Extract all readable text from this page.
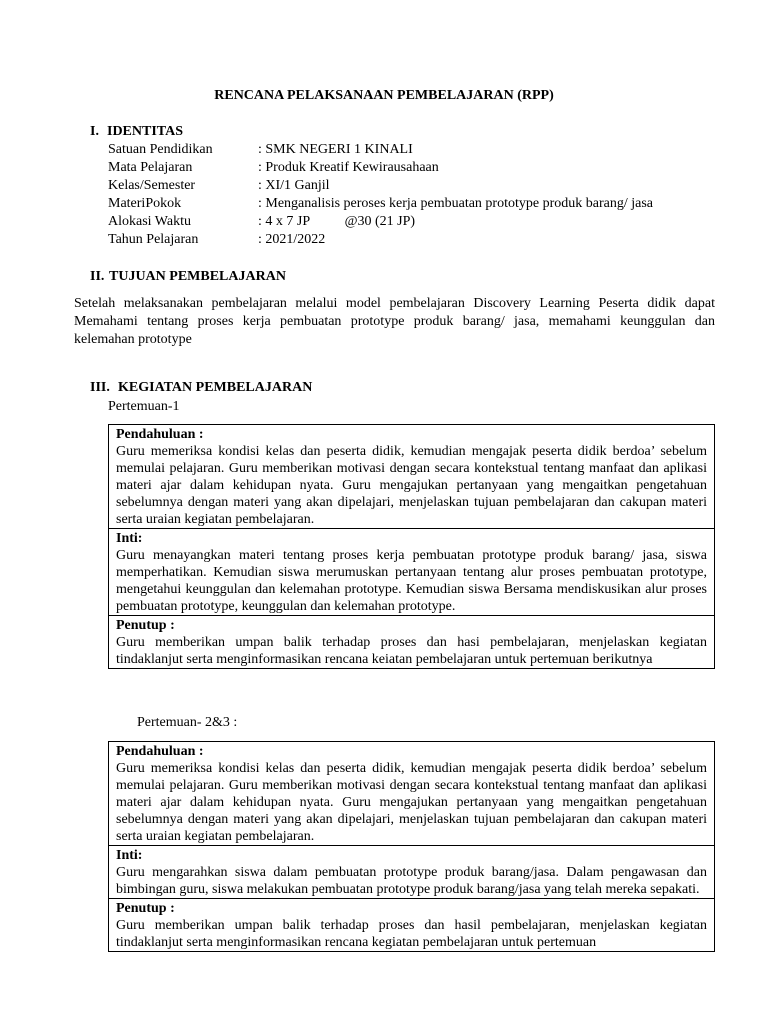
RENCANA PELAKSANAAN PEMBELAJARAN (RPP)
I. IDENTITAS
Satuan Pendidikan	: SMK NEGERI 1 KINALI
Mata Pelajaran	: Produk Kreatif Kewirausahaan
Kelas/Semester	: XI/1 Ganjil
MateriPokok	: Menganalisis peroses kerja pembuatan prototype produk barang/ jasa
Alokasi Waktu	: 4 x 7 JP          @30 (21 JP)
Tahun Pelajaran	: 2021/2022
II. TUJUAN PEMBELAJARAN
Setelah melaksanakan pembelajaran melalui model pembelajaran Discovery Learning Peserta didik dapat Memahami tentang proses kerja pembuatan prototype produk barang/ jasa, memahami keunggulan dan kelemahan prototype
III. KEGIATAN PEMBELAJARAN
Pertemuan-1
Pendahuluan :
Guru memeriksa kondisi kelas dan peserta didik, kemudian mengajak peserta didik berdoa’ sebelum memulai pelajaran. Guru memberikan motivasi dengan secara kontekstual tentang manfaat dan aplikasi materi ajar dalam kehidupan nyata. Guru mengajukan pertanyaan yang mengaitkan pengetahuan sebelumnya dengan materi yang akan dipelajari, menjelaskan tujuan pembelajaran dan cakupan materi serta uraian kegiatan pembelajaran.

Inti:
Guru menayangkan materi tentang proses kerja pembuatan prototype produk barang/ jasa, siswa memperhatikan. Kemudian siswa merumuskan pertanyaan tentang alur proses pembuatan prototype, mengetahui keunggulan dan kelemahan prototype. Kemudian siswa Bersama mendiskusikan alur proses pembuatan prototype, keunggulan dan kelemahan prototype.

Penutup :
Guru memberikan umpan balik terhadap proses dan hasi pembelajaran, menjelaskan kegiatan tindaklanjut serta menginformasikan rencana keiatan pembelajaran untuk pertemuan berikutnya
Pertemuan- 2&3 :
Pendahuluan :
Guru memeriksa kondisi kelas dan peserta didik, kemudian mengajak peserta didik berdoa’ sebelum memulai pelajaran. Guru memberikan motivasi dengan secara kontekstual tentang manfaat dan aplikasi materi ajar dalam kehidupan nyata. Guru mengajukan pertanyaan yang mengaitkan pengetahuan sebelumnya dengan materi yang akan dipelajari, menjelaskan tujuan pembelajaran dan cakupan materi serta uraian kegiatan pembelajaran.

Inti:
Guru mengarahkan siswa dalam pembuatan prototype produk barang/jasa. Dalam pengawasan dan bimbingan guru, siswa melakukan pembuatan prototype produk barang/jasa yang telah mereka sepakati.

Penutup :
Guru memberikan umpan balik terhadap proses dan hasil pembelajaran, menjelaskan kegiatan tindaklanjut serta menginformasikan rencana kegiatan pembelajaran untuk pertemuan
